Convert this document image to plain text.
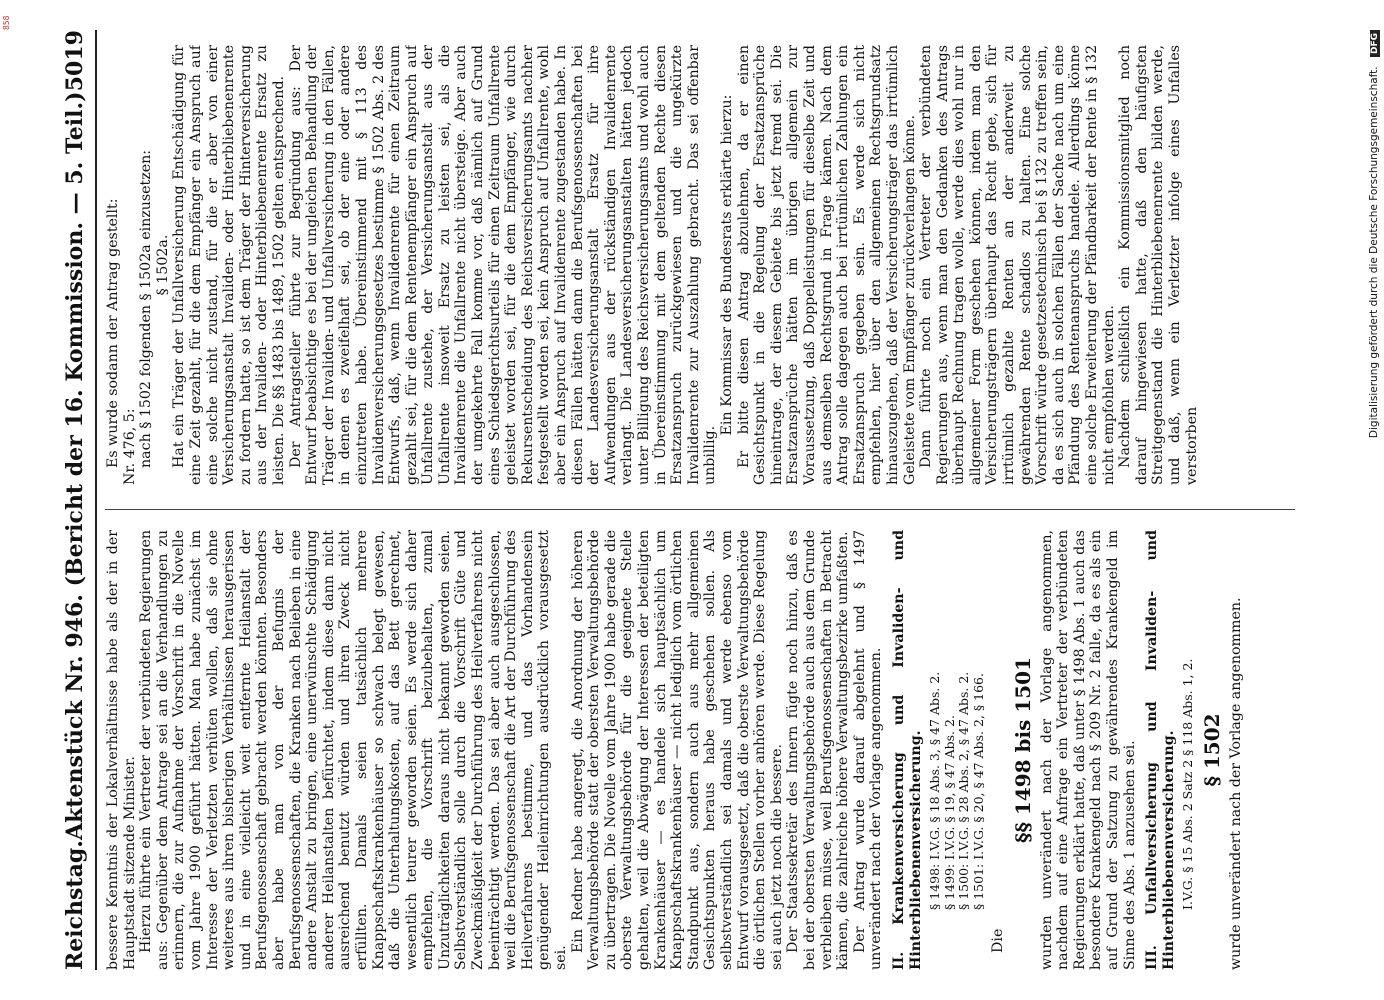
858
Reichstag.
Aktenstück Nr. 946. (Bericht der 16. Kommission. — 5. Teil.)
5019

bessere Kenntnis der Lokalverhältnisse habe als der in der Hauptstadt sitzende Minister. Hierzu führte ein Vertreter der verbündeten Regierungen aus: Gegenüber dem Antrage sei an die Verhandlungen zu erinnern, die zur Aufnahme der Vorschrift in die Novelle vom Jahre 1900 geführt hätten. Man habe zunächst im Interesse der Verletzten verhüten wollen, daß sie ohne weiteres aus ihren bisherigen Verhältnissen herausgerissen und in eine vielleicht weit entfernte Heilanstalt der Berufsgenossenschaft gebracht werden könnten. Besonders aber habe man von der Befugnis der Berufsgenossenschaften, die Kranken nach Belieben in eine andere Anstalt zu bringen, eine unerwünschte Schädigung anderer Heilanstalten befürchtet, indem diese dann nicht ausreichend benutzt würden und ihren Zweck nicht erfüllten. Damals seien tatsächlich mehrere Knappschaftskrankenhäuser so schwach belegt gewesen, daß die Unterhaltungskosten, auf das Bett gerechnet, wesentlich teurer geworden seien. Es werde sich daher empfehlen, die Vorschrift beizubehalten, zumal Unzuträglichkeiten daraus nicht bekannt geworden seien. Selbstverständlich solle durch die Vorschrift Güte und Zweckmäßigkeit der Durchführung des Heilverfahrens nicht beeinträchtigt werden. Das sei aber auch ausgeschlossen, weil die Berufsgenossenschaft die Art der Durchführung des Heilverfahrens bestimme, und das Vorhandensein genügender Heileinrichtungen ausdrücklich vorausgesetzt sei.

Ein Redner habe angeregt, die Anordnung der höheren Verwaltungsbehörde statt der obersten Verwaltungsbehörde zu übertragen. Die Novelle vom Jahre 1900 habe gerade die oberste Verwaltungsbehörde für die geeignete Stelle gehalten, weil die Abwägung der Interessen der beteiligten Krankenhäuser — es handele sich hauptsächlich um Knappschaftskrankenhäuser — nicht lediglich vom örtlichen Standpunkt aus, sondern auch aus mehr allgemeinen Gesichtspunkten heraus habe geschehen sollen. Als selbstverständlich sei damals und werde ebenso vom Entwurf vorausgesetzt, daß die oberste Verwaltungsbehörde die örtlichen Stellen vorher anhören werde. Diese Regelung sei auch jetzt noch die bessere. Der Staatssekretär des Innern fügte noch hinzu, daß es bei der obersten Verwaltungsbehörde auch aus dem Grunde verbleiben müsse, weil Berufsgenossenschaften in Betracht kämen, die zahlreiche höhere Verwaltungsbezirke umfaßten. Der Antrag wurde darauf abgelehnt und § 1497 unverändert nach der Vorlage angenommen. II. Krankenversicherung und Invaliden- und Hinterbliebenenversicherung. § 1498: I.V.G. § 18 Abs. 3, § 47 Abs. 2. § 1499: I.V.G. § 19, § 47 Abs. 2. § 1500: I.V.G. § 28 Abs. 2, § 47 Abs. 2. § 1501: I.V.G. § 20, § 47 Abs. 2, § 166.

Die

§§ 1498 bis 1501 wurden unverändert nach der Vorlage angenommen, nachdem auf eine Anfrage ein Vertreter der verbündeten Regierungen erklärt hatte, daß unter § 1498 Abs. 1 auch das besondere Krankengeld nach § 209 Nr. 2 falle, da es als ein auf Grund der Satzung zu gewährendes Krankengeld im Sinne des Abs. 1 anzusehen sei. III. Unfallversicherung und Invaliden- und Hinterbliebenenversicherung. I.V.G. § 15 Abs. 2 Satz 2 § 118 Abs. 1, 2. § 1502 wurde unverändert nach der Vorlage angenommen.

Es wurde sodann der Antrag gestellt: Nr. 476, 5: nach § 1502 folgenden § 1502a einzusetzen: § 1502a. Hat ein Träger der Unfallversicherung Entschädigung für eine Zeit gezahlt, für die dem Empfänger ein Anspruch auf eine solche nicht zustand, für die er aber von einer Versicherungsanstalt Invaliden- oder Hinterbliebenenrente zu fordern hatte, so ist dem Träger der Hinterversicherung aus der Invaliden- oder Hinterbliebenenrente Ersatz zu leisten. Die §§ 1483 bis 1489, 1502 gelten entsprechend. Der Antragsteller führte zur Begründung aus: Der Entwurf beabsichtige es bei der ungleichen Behandlung der Träger der Invaliden- und Unfallversicherung in den Fällen, in denen es zweifelhaft sei, ob der eine oder andere einzutreten habe. Übereinstimmend mit § 113 des Invalidenversicherungsgesetzes bestimme § 1502 Abs. 2 des Entwurfs, daß, wenn Invalidenrente für einen Zeitraum gezahlt sei, für die dem Rentenempfänger ein Anspruch auf Unfallrente zustehe, der Versicherungsanstalt aus der Unfallrente insoweit Ersatz zu leisten sei, als die Invalidenrente die Unfallrente nicht übersteige. Aber auch der umgekehrte Fall komme vor, daß nämlich auf Grund eines Schiedsgerichtsurteils für einen Zeitraum Unfallrente geleistet worden sei, für die dem Empfänger, wie durch Rekursentscheidung des Reichsversicherungsamts nachher festgestellt worden sei, kein Anspruch auf Unfallrente, wohl aber ein Anspruch auf Invalidenrente zugestanden habe. In diesen Fällen hätten dann die Berufsgenossenschaften bei der Landesversicherungsanstalt Ersatz für ihre Aufwendungen aus der rückständigen Invalidenrente verlangt. Die Landesversicherungsanstalten hätten jedoch unter Billigung des Reichsversicherungsamts und wohl auch in Übereinstimmung mit dem geltenden Rechte diesen Ersatzanspruch zurückgewiesen und die ungekürzte Invalidenrente zur Auszahlung gebracht. Das sei offenbar unbillig.

Ein Kommissar des Bundesrats erklärte hierzu: Er bitte diesen Antrag abzulehnen, da er einen Gesichtspunkt in die Regelung der Ersatzansprüche hineintrage, der diesem Gebiete bis jetzt fremd sei. Die Ersatzansprüche hätten im übrigen allgemein zur Voraussetzung, daß Doppelleistungen für dieselbe Zeit und aus demselben Rechtsgrund in Frage kämen. Nach dem Antrag solle dagegen auch bei irrtümlichen Zahlungen ein Ersatzanspruch gegeben sein. Es werde sich nicht empfehlen, hier über den allgemeinen Rechtsgrundsatz hinauszugehen, daß der Versicherungsträger das irrtümlich Geleistete vom Empfänger zurückverlangen könne. Dann führte noch ein Vertreter der verbündeten Regierungen aus, wenn man den Gedanken des Antrags überhaupt Rechnung tragen wolle, werde dies wohl nur in allgemeiner Form geschehen können, indem man den Versicherungsträgern überhaupt das Recht gebe, sich für irrtümlich gezahlte Renten an der anderweit zu gewährenden Rente schadlos zu halten. Eine solche Vorschrift würde gesetzestechnisch bei § 132 zu treffen sein, da es sich auch in solchen Fällen der Sache nach um eine Pfändung des Rentenanspruchs handele. Allerdings könne eine solche Erweiterung der Pfändbarkeit der Rente in § 132 nicht empfohlen werden. Nachdem schließlich ein Kommissionsmitglied noch darauf hingewiesen hatte, daß den häufigsten Streitgegenstand die Hinterbliebenenrente bilden werde, und daß, wenn ein Verletzter infolge eines Unfalles verstorben

Digitalisierung gefördert durch die Deutsche Forschungsgemeinschaft. DFG
